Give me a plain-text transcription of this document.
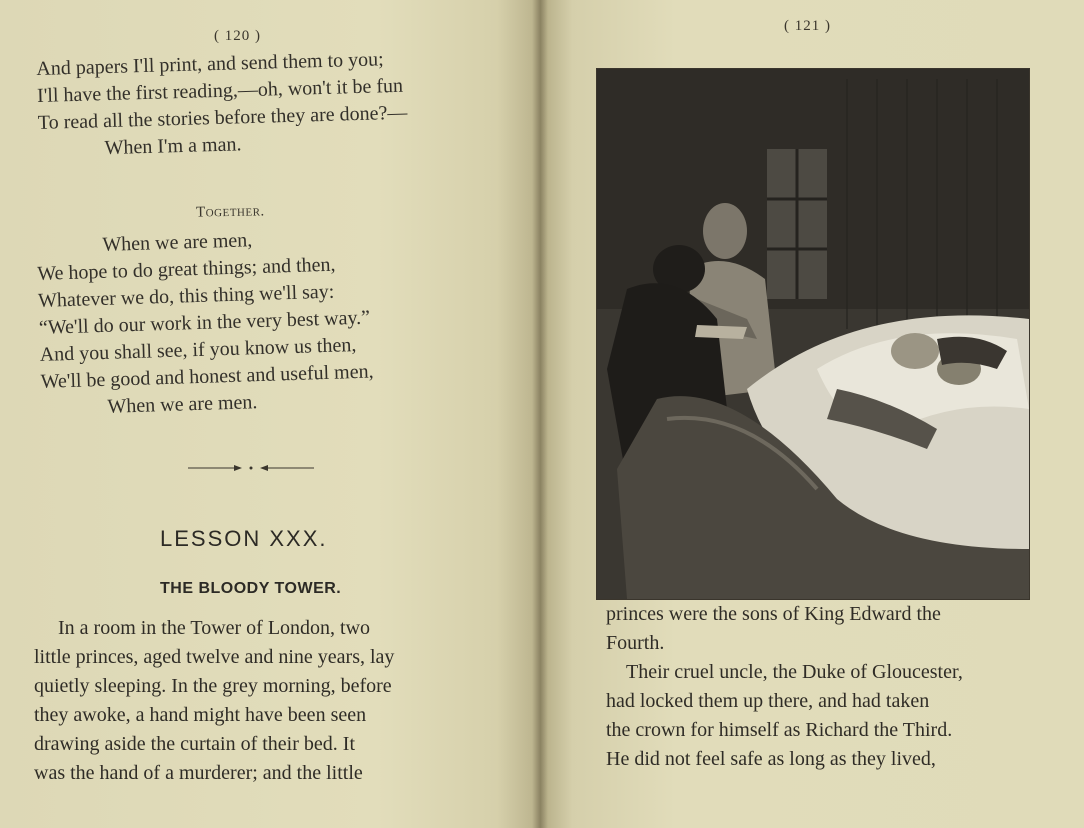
( 120 )
And papers I'll print, and send them to you;
I'll have the first reading,—oh, won't it be fun
To read all the stories before they are done?—
When I'm a man.
Together.
When we are men,
We hope to do great things; and then,
Whatever we do, this thing we'll say:
“We'll do our work in the very best way.”
And you shall see, if you know us then,
We'll be good and honest and useful men,
When we are men.
LESSON XXX.
THE BLOODY TOWER.
In a room in the Tower of London, two
little princes, aged twelve and nine years, lay
quietly sleeping. In the grey morning, before
they awoke, a hand might have been seen
drawing aside the curtain of their bed. It
was the hand of a murderer; and the little
( 121 )
princes were the sons of King Edward the
Fourth.
Their cruel uncle, the Duke of Gloucester,
had locked them up there, and had taken
the crown for himself as Richard the Third.
He did not feel safe as long as they lived,
